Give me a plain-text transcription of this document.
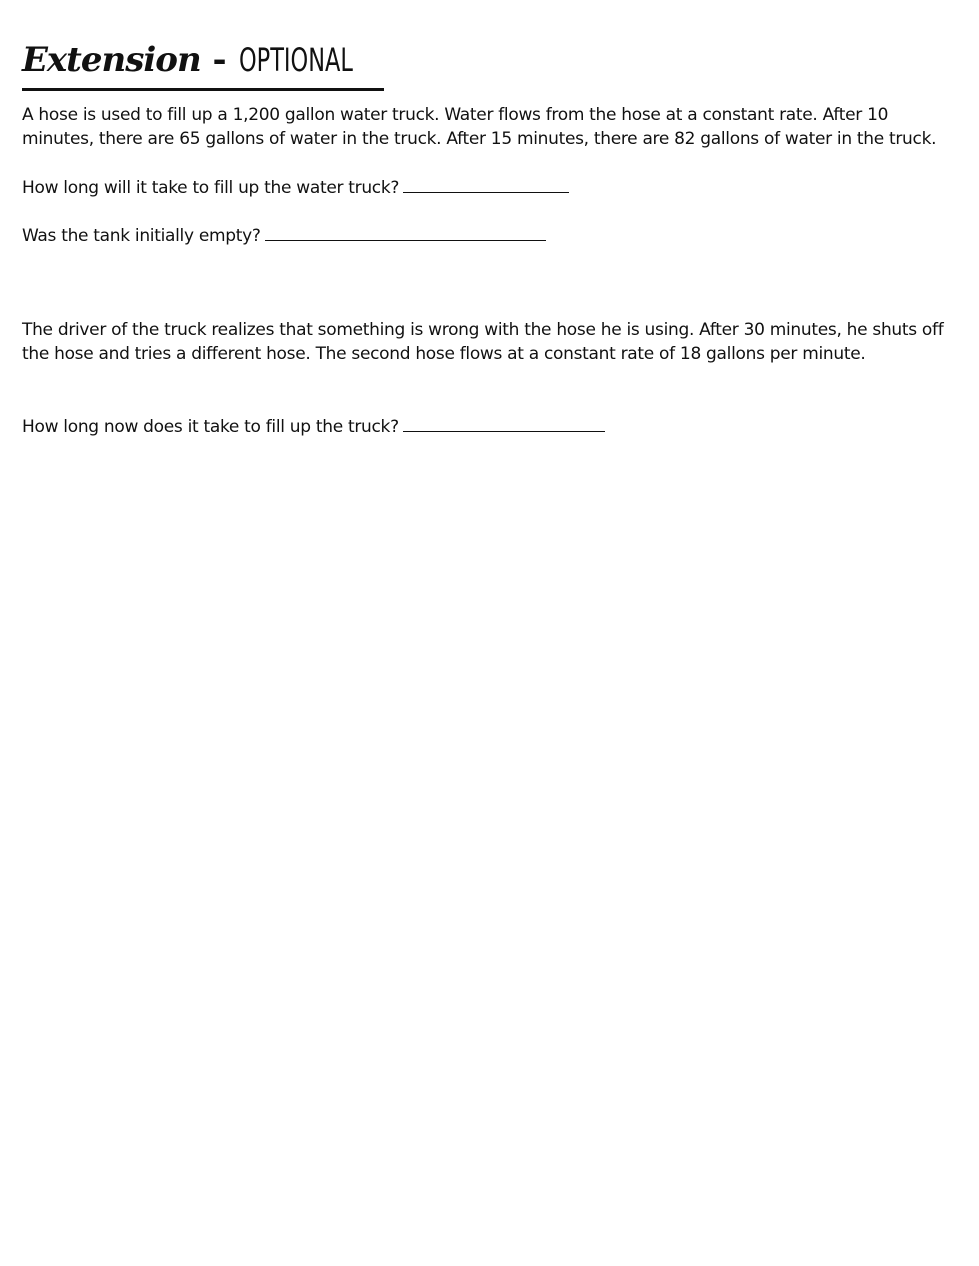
Extension - OPTIONAL
A hose is used to fill up a 1,200 gallon water truck. Water flows from the hose at a constant rate. After 10 minutes, there are 65 gallons of water in the truck. After 15 minutes, there are 82 gallons of water in the truck.
How long will it take to fill up the water truck?
Was the tank initially empty?
The driver of the truck realizes that something is wrong with the hose he is using. After 30 minutes, he shuts off the hose and tries a different hose. The second hose flows at a constant rate of 18 gallons per minute.
How long now does it take to fill up the truck?
